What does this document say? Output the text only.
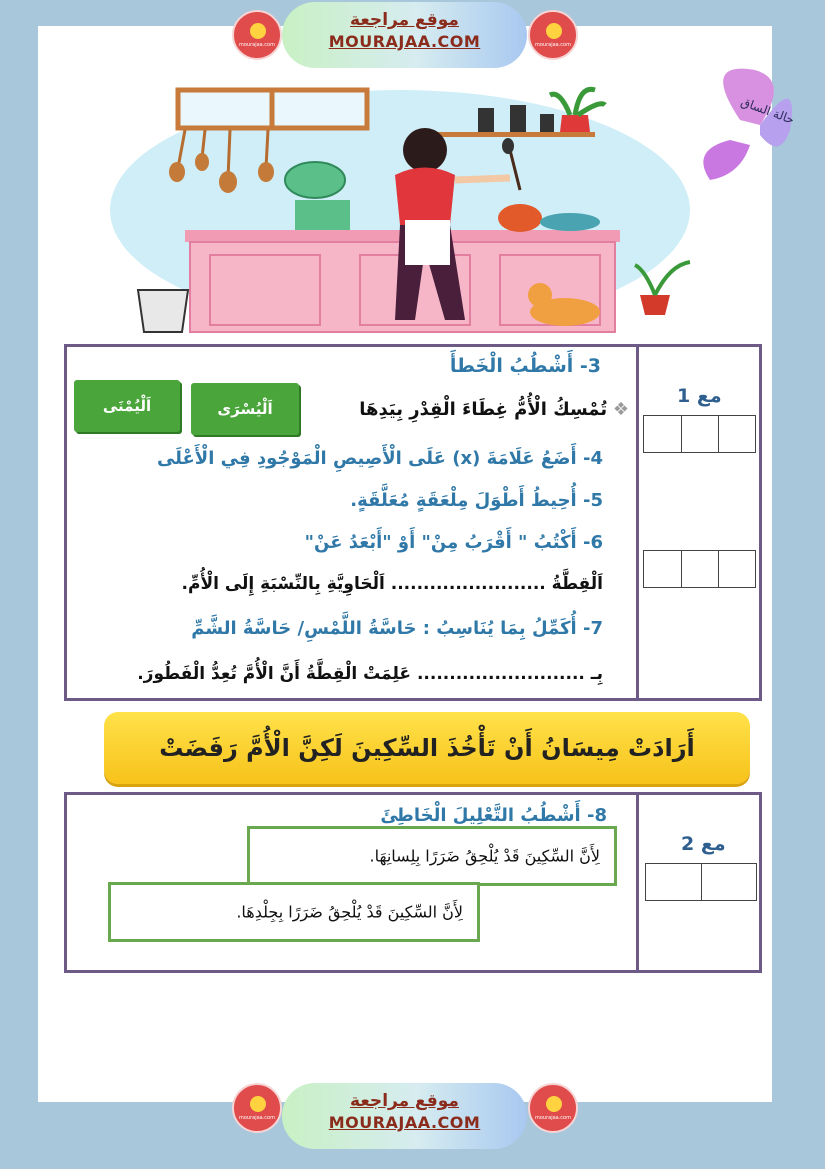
mourajaa.com
موقع مراجعة
MOURAJAA.COM	mourajaa.com
حالة الساق
مع 1
3- أَشْطُبُ الْخَطأَ
❖ تُمْسِكُ الْأُمُّ غِطَاءَ الْقِدْرِ بِيَدِهَا
4- أَضَعُ عَلَامَةَ (x) عَلَى الْأَصِيصِ الْمَوْجُودِ فِي الْأَعْلَى
5- أُحِيطُ أَطْوَلَ مِلْعَقَةٍ مُعَلَّقَةٍ.
6- أَكْتُبُ " أَقْرَبُ مِنْ" أَوْ "أَبْعَدُ عَنْ"
اَلْقِطَّةُ ........................ اَلْحَاوِيَّةِ بِالنِّسْبَةِ إِلَى الْأُمِّ.
7- أُكَمِّلُ بِمَا يُنَاسِبُ : حَاسَّةُ اللَّمْسِ/ حَاسَّةُ الشَّمِّ
بِـ .......................... عَلِمَتْ الْقِطَّةُ أَنَّ الْأُمَّ تُعِدُّ الْفَطُورَ.
اَلْيُمْنَى	اَلْيُسْرَى
أَرَادَتْ مِيسَانُ أَنْ تَأْخُذَ السِّكِينَ لَكِنَّ الْأُمَّ رَفَضَتْ
مع 2
8- أَشْطُبُ التَّعْلِيلَ الْخَاطِئَ
لِأَنَّ السِّكِينَ قَدْ يُلْحِقُ ضَرَرًا بِلِسانِهَا.
لِأَنَّ السِّكِينَ قَدْ يُلْحِقُ ضَرَرًا بِجِلْدِهَا.
mourajaa.com
موقع مراجعة
MOURAJAA.COM	mourajaa.com
